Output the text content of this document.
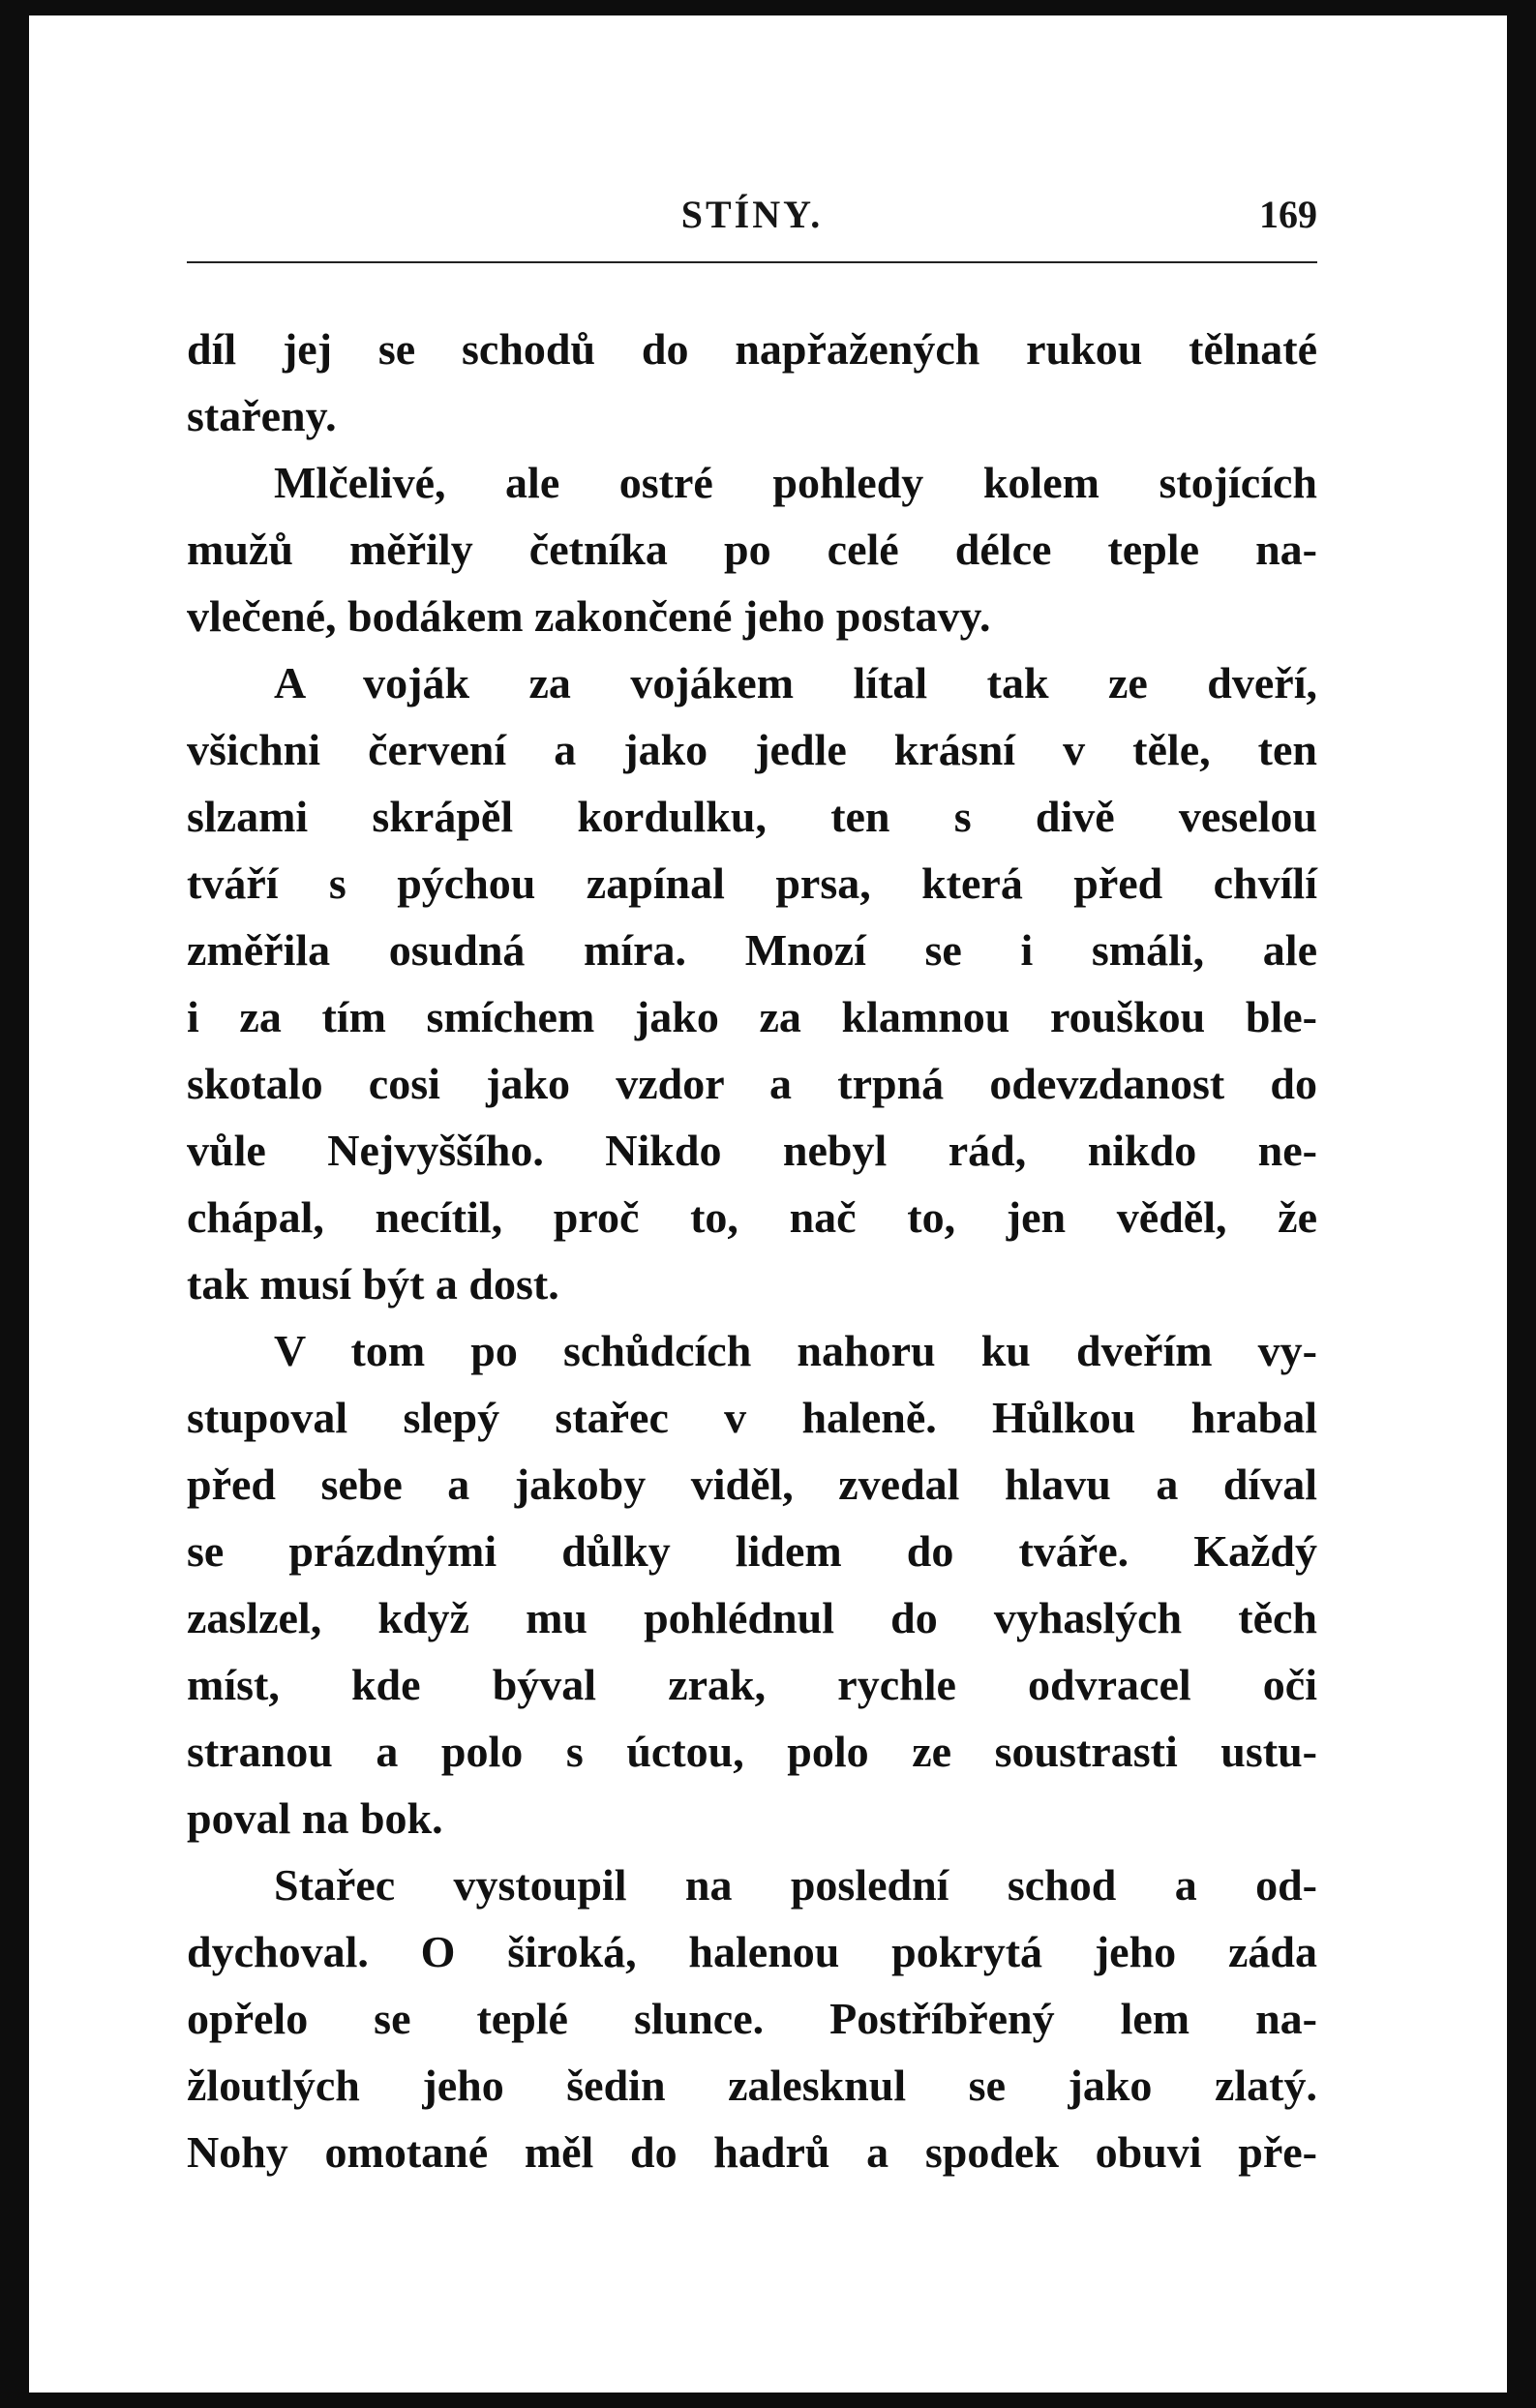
STÍNY.	169
díl jej se schodů do napřažených rukou tělnaté
stařeny.
Mlčelivé, ale ostré pohledy kolem stojících
mužů měřily četníka po celé délce teple na-
vlečené, bodákem zakončené jeho postavy.
A voják za vojákem lítal tak ze dveří,
všichni červení a jako jedle krásní v těle, ten
slzami skrápěl kordulku, ten s divě veselou
tváří s pýchou zapínal prsa, která před chvílí
změřila osudná míra. Mnozí se i smáli, ale
i za tím smíchem jako za klamnou rouškou ble-
skotalo cosi jako vzdor a trpná odevzdanost do
vůle Nejvyššího. Nikdo nebyl rád, nikdo ne-
chápal, necítil, proč to, nač to, jen věděl, že
tak musí být a dost.
V tom po schůdcích nahoru ku dveřím vy-
stupoval slepý stařec v haleně. Hůlkou hrabal
před sebe a jakoby viděl, zvedal hlavu a díval
se prázdnými důlky lidem do tváře. Každý
zaslzel, když mu pohlédnul do vyhaslých těch
míst, kde býval zrak, rychle odvracel oči
stranou a polo s úctou, polo ze soustrasti ustu-
poval na bok.
Stařec vystoupil na poslední schod a od-
dychoval. O široká, halenou pokrytá jeho záda
opřelo se teplé slunce. Postříbřený lem na-
žloutlých jeho šedin zalesknul se jako zlatý.
Nohy omotané měl do hadrů a spodek obuvi pře-
